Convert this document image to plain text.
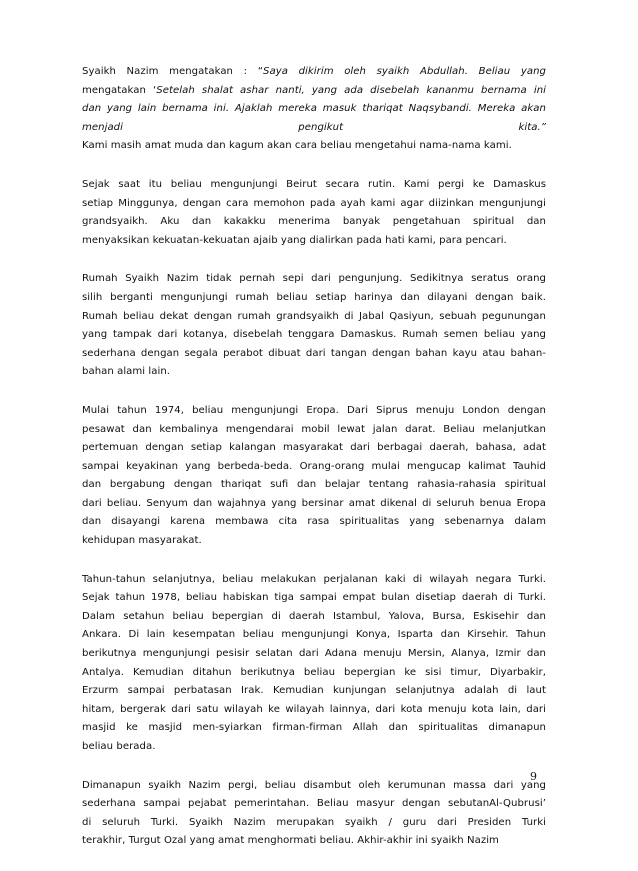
Syaikh Nazim mengatakan : “Saya dikirim oleh syaikh Abdullah. Beliau yang
mengatakan ‘Setelah shalat ashar nanti, yang ada disebelah kananmu bernama ini
dan yang lain bernama ini. Ajaklah mereka masuk thariqat Naqsybandi. Mereka akan
menjadi pengikut kita.”
Kami masih amat muda dan kagum akan cara beliau mengetahui nama-nama kami.
Sejak saat itu beliau mengunjungi Beirut secara rutin. Kami pergi ke Damaskus
setiap Minggunya, dengan cara memohon pada ayah kami agar diizinkan mengunjungi
grandsyaikh. Aku dan kakakku menerima banyak pengetahuan spiritual dan
menyaksikan kekuatan-kekuatan ajaib yang dialirkan pada hati kami, para pencari.
Rumah Syaikh Nazim tidak pernah sepi dari pengunjung. Sedikitnya seratus orang
silih berganti mengunjungi rumah beliau setiap harinya dan dilayani dengan baik.
Rumah beliau dekat dengan rumah grandsyaikh di Jabal Qasiyun, sebuah pegunungan
yang tampak dari kotanya, disebelah tenggara Damaskus. Rumah semen beliau yang
sederhana dengan segala perabot dibuat dari tangan dengan bahan kayu atau bahan-
bahan alami lain.
Mulai tahun 1974, beliau mengunjungi Eropa. Dari Siprus menuju London dengan
pesawat dan kembalinya mengendarai mobil lewat jalan darat. Beliau melanjutkan
pertemuan dengan setiap kalangan masyarakat dari berbagai daerah, bahasa, adat
sampai keyakinan yang berbeda-beda. Orang-orang mulai mengucap kalimat Tauhid
dan bergabung dengan thariqat sufi dan belajar tentang rahasia-rahasia spiritual
dari beliau. Senyum dan wajahnya yang bersinar amat dikenal di seluruh benua Eropa
dan disayangi karena membawa cita rasa spiritualitas yang sebenarnya dalam
kehidupan masyarakat.
Tahun-tahun selanjutnya, beliau melakukan perjalanan kaki di wilayah negara Turki.
Sejak tahun 1978, beliau habiskan tiga sampai empat bulan disetiap daerah di Turki.
Dalam setahun beliau bepergian di daerah Istambul, Yalova, Bursa, Eskisehir dan
Ankara. Di lain kesempatan beliau mengunjungi Konya, Isparta dan Kirsehir. Tahun
berikutnya mengunjungi pesisir selatan dari Adana menuju Mersin, Alanya, Izmir dan
Antalya. Kemudian ditahun berikutnya beliau bepergian ke sisi timur, Diyarbakir,
Erzurm sampai perbatasan Irak. Kemudian kunjungan selanjutnya adalah di laut
hitam, bergerak dari satu wilayah ke wilayah lainnya, dari kota menuju kota lain, dari
masjid ke masjid men-syiarkan firman-firman Allah dan spiritualitas dimanapun
beliau berada.
Dimanapun syaikh Nazim pergi, beliau disambut oleh kerumunan massa dari yang
sederhana sampai pejabat pemerintahan. Beliau masyur dengan sebutanAl-Qubrusi’
di seluruh Turki. Syaikh Nazim merupakan syaikh / guru dari Presiden Turki
terakhir, Turgut Ozal yang amat menghormati beliau. Akhir-akhir ini syaikh Nazim
9
